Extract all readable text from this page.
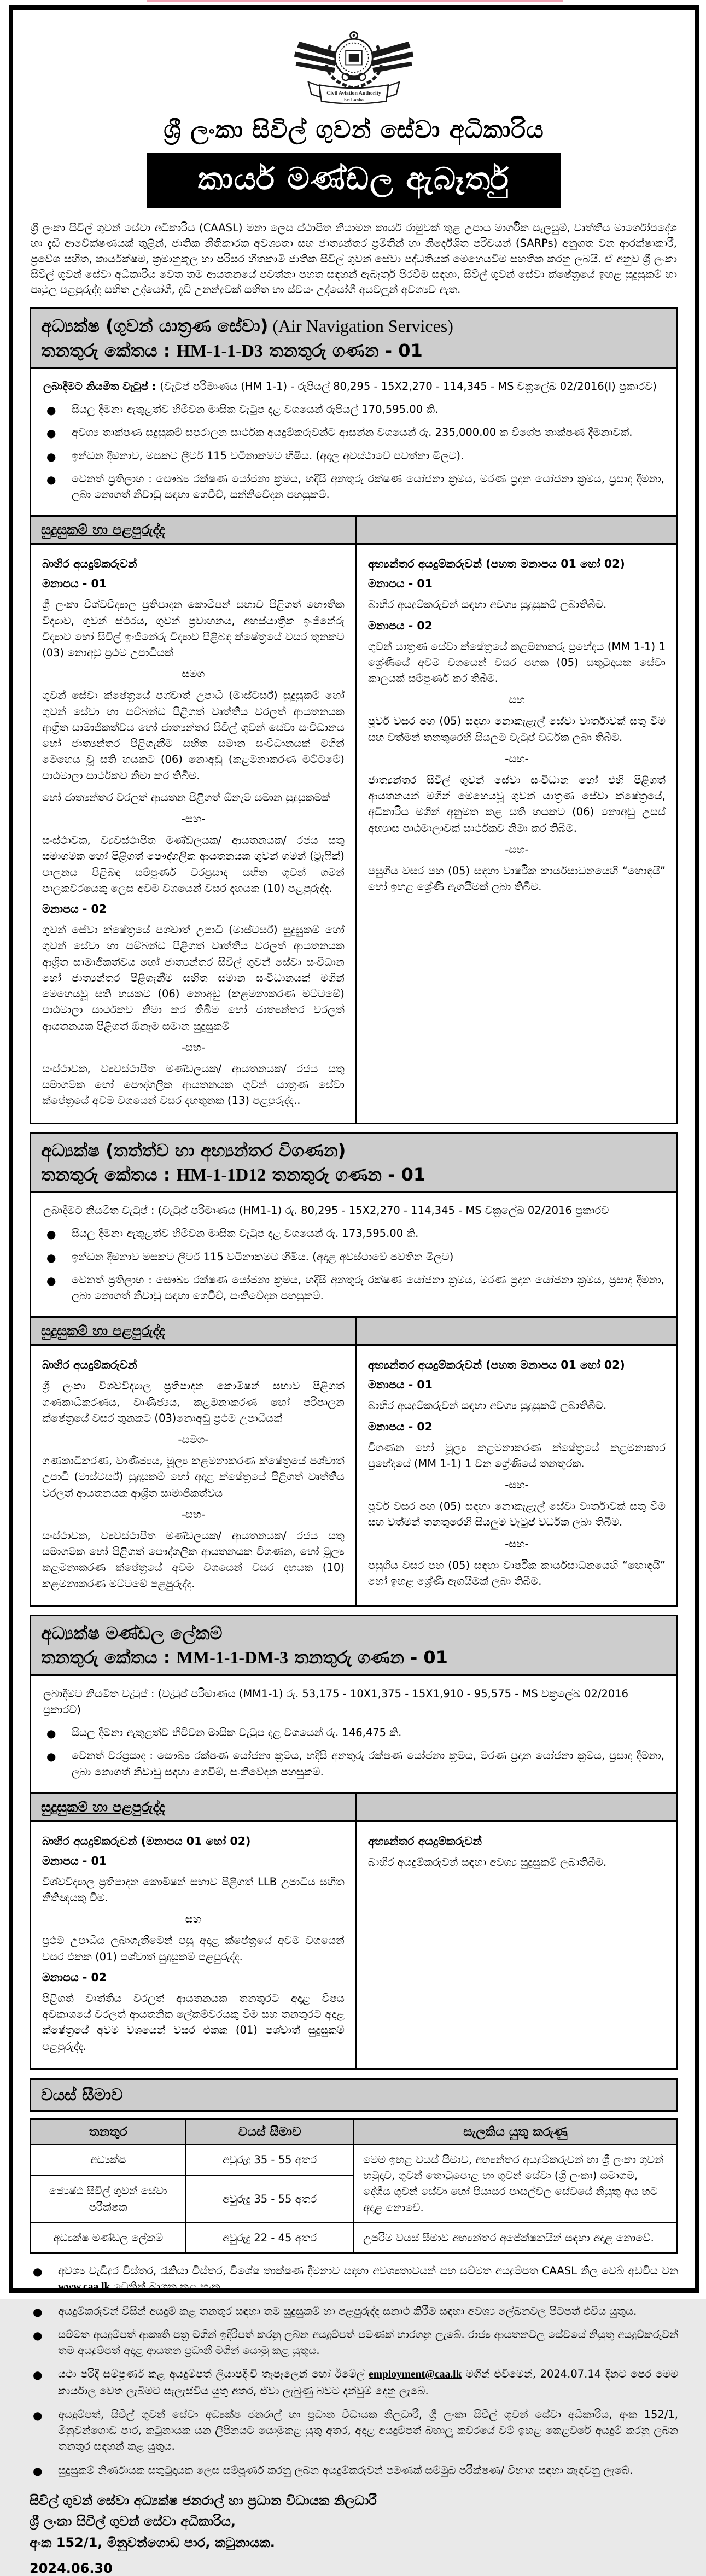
Civil Aviation Authority
Sri Lanka
ශ්‍රී ලංකා සිවිල් ගුවන් සේවා අධිකාරිය
කාර්ය මණ්ඩල ඇබෑර්තු

ශ්‍රී ලංකා සිවිල් ගුවන් සේවා අධිකාරිය (CAASL) මනා ලෙස ස්ථාපිත නියාමන කාර්ය රාමුවක් තුළ උපාය මාර්ගික සැලසුම්, වෘත්තීය මාර්ගෝපදේශ හා දැඩි ආවේක්ෂණයක් තුළින්, ජාතික නීතිකාරක අවශ්‍යතා සහ ජාත්‍යන්තර ප්‍රමිතීන් හා නිර්දේශිත පරිචයන් (SARPs) අනුගත වන ආරක්ෂාකාරී, ප්‍රවේශ සහිත, කාර්යක්ෂම, ක්‍රමානුකූල හා පරිසර හිතකාමී ජාතික සිවිල් ගුවන් සේවා පද්ධතියක් මෙහෙයවීම සහතික කරනු ලබයි. ඒ අනුව ශ්‍රී ලංකා සිවිල් ගුවන් සේවා අධිකාරිය වෙත තම ආයතනයේ පවත්නා පහත සඳහන් ඇබෑර්තු පිරවීම සඳහා, සිවිල් ගුවන් සේවා ක්ෂේත්‍රයේ ඉහළ සුදුසුකම් හා පෘථුල පළපුරුද්ද සහිත උද්යෝගී, දැඩි උනන්දුවක් සහිත හා ස්වයං උද්යෝගී අයවලුන් අවශ්‍යව ඇත.

අධ්‍යක්ෂ (ගුවන් යාත්‍රණ සේවා) (Air Navigation Services)
තනතුරු කේතය : HM-1-1-D3 තනතුරු ගණන - 01
ලබාදීමට නියමිත වැටුප් : (වැටුප් පරිමාණය (HM 1-1) - රුපියල් 80,295 - 15X2,270 - 114,345 - MS චක්‍රලේඛ 02/2016(I) ප්‍රකාරව)
● සියලු දීමනා ඇතුළත්ව හිමිවන මාසික වැටුප දළ වශයෙන් රුපියල් 170,595.00 කි.
● අවශ්‍ය තාක්ෂණ සුදුසුකම් සපුරාලන සාර්ථක අයදුම්කරුවන්ට ආසන්න වශයෙන් රු. 235,000.00 ක විශේෂ තාක්ෂණ දීමනාවක්.
● ඉන්ධන දීමනාව, මසකට ලීටර් 115 වටිනාකමට හිමිය. (අදාල අවස්ථාවේ පවත්නා මිලට).
● වෙනත් ප්‍රතිලාභ : සෞඛ්‍ය රක්ෂණ යෝජනා ක්‍රමය, හදිසි අනතුරු රක්ෂණ යෝජනා ක්‍රමය, මරණ ප්‍රදාන යෝජනා ක්‍රමය, ප්‍රසාද දීමනා, ලබා නොගත් නිවාඩු සඳහා ගෙවීම්, සන්නිවේදන පහසුකම්.
සුදුසුකම් හා පළපුරුද්ද
බාහිර අයදුම්කරුවන්
මනාපය - 01
ශ්‍රී ලංකා විශ්වවිද්‍යාල ප්‍රතිපාදන කොමිෂන් සභාව පිළිගත් භෞතික විද්‍යාව, ගුවන් ස්ථරය, ගුවන් ප්‍රවාහනය, අහස්යාත්‍රික ඉංජිනේරු විද්‍යාව හෝ සිවිල් ඉංජිනේරු විද්‍යාව පිළිබඳ ක්ෂේත්‍රයේ වසර තුනකට (03) නොඅඩු ප්‍රථම උපාධියක්
සමග
ගුවන් සේවා ක්ෂේත්‍රයේ පශ්චාත් උපාධි (මාස්ටර්ස්) සුදුසුකම් හෝ ගුවන් සේවා හා සම්බන්ධ පිළිගත් වෘත්තීය වරලත් ආයතනයක ආශ්‍රිත සාමාජිකත්වය හෝ ජාත්‍යන්තර සිවිල් ගුවන් සේවා සංවිධානය හෝ ජාත්‍යන්තර පිළිගැනීම සහිත සමාන සංවිධානයක් මගින් මෙහෙය වූ සති හයකට (06) නොඅඩු (කළමනාකරණ මට්ටමේ) පාඨමාලා සාර්ථකව නිමා කර තිබීම.
හෝ ජාත්‍යන්තර වරලත් ආයතන පිළිගත් ඕනෑම සමාන සුදුසුකමක්
-සහ-
සංස්ථාවක, ව්‍යවස්ථාපිත මණ්ඩලයක/ ආයතනයක/ රජය සතු සමාගමක හෝ පිළිගත් පෞද්ගලික ආයතනයක ගුවන් ගමන් (ට්‍රැෆික්) පාලනය පිළිබඳ සම්පූර්ණ වරප්‍රසාද සහිත ගුවන් ගමන් පාලකවරයෙකු ලෙස අවම වශයෙන් වසර දහයක (10) පළපුරුද්ද.
මනාපය - 02
ගුවන් සේවා ක්ෂේත්‍රයේ පශ්චාත් උපාධි (මාස්ටර්ස්) සුදුසුකම් හෝ ගුවන් සේවා හා සම්බන්ධ පිළිගත් වෘත්තීය වරලත් ආයතනයක ආශ්‍රිත සාමාජිකත්වය හෝ ජාත්‍යන්තර සිවිල් ගුවන් සේවා සංවිධාන හෝ ජාත්‍යන්තර පිළිගැනීම සහිත සමාන සංවිධානයක් මගින් මෙහෙයවූ සති හයකට (06) නොඅඩු (කළමනාකරණ මට්ටමේ) පාඨමාලා සාර්ථකව නිමා කර තිබීම හෝ ජාත්‍යන්තර වරලත් ආයතනයක පිළිගත් ඕනෑම සමාන සුදුසුකම්
-සහ-
සංස්ථාවක, ව්‍යවස්ථාපිත මණ්ඩලයක/ ආයතනයක/ රජය සතු සමාගමක හෝ පෞද්ගලික ආයතනයක ගුවන් යාත්‍රණ සේවා ක්ෂේත්‍රයේ අවම වශයෙන් වසර දහතුනක (13) පළපුරුද්ද..
අභ්‍යන්තර අයදුම්කරුවන් (පහත මනාපය 01 හෝ 02)
මනාපය - 01
බාහිර අයදුම්කරුවන් සඳහා අවශ්‍ය සුදුසුකම් ලබාතිබීම.
මනාපය - 02
ගුවන් යාත්‍රණ සේවා ක්ෂේත්‍රයේ කළමනාකරු ප්‍රභේදය (MM 1-1) 1 ශ්‍රේණියේ අවම වශයෙන් වසර පහක (05) සතුටුදායක සේවා කාලයක් සම්පූර්ණ කර තිබීම.
සහ
පූර්ව වසර පහ (05) සඳහා නොකැළැල් සේවා වාර්තාවක් සතු වීම සහ වත්මන් තනතුරෙහි සියලුම වැටුප් වර්ධක ලබා තිබීම.
-සහ-
ජාත්‍යන්තර සිවිල් ගුවන් සේවා සංවිධාන හෝ එහි පිළිගත් ආයතනයන් මගින් මෙහෙයවූ ගුවන් යාත්‍රණ සේවා ක්ෂේත්‍රයේ, අධිකාරිය මගින් අනුමත කළ සති හයකට (06) නොඅඩු උසස් අභ්‍යාස පාඨමාලාවක් සාර්ථකව නිමා කර තිබීම.
-සහ-
පසුගිය වසර පහ (05) සඳහා වාර්ෂික කාර්යසාධනයෙහි “හොඳයි” හෝ ඉහළ ශ්‍රේණි ඇගයීමක් ලබා තිබීම.
අධ්‍යක්ෂ (තත්ත්ව හා අභ්‍යන්තර විගණන)
තනතුරු කේතය : HM-1-1D12 තනතුරු ගණන - 01
ලබාදීමට නියමිත වැටුප් : (වැටුප් පරිමාණය (HM1-1) රු. 80,295 - 15X2,270 - 114,345 - MS චක්‍රලේඛ 02/2016 ප්‍රකාරව
● සියලු දීමනා ඇතුළත්ව හිමිවන මාසික වැටුප දළ වශයෙන් රු. 173,595.00 කි.
● ඉන්ධන දීමනාව මසකට ලීටර් 115 වටිනාකමට හිමිය. (අදාළ අවස්ථාවේ පවතින මිලට)
● වෙනත් ප්‍රතිලාභ : සෞඛ්‍ය රක්ෂණ යෝජනා ක්‍රමය, හදිසි අනතුරු රක්ෂණ යෝජනා ක්‍රමය, මරණ ප්‍රදාන යෝජනා ක්‍රමය, ප්‍රසාද දීමනා, ලබා නොගත් නිවාඩු සඳහා ගෙවීම්, සංනිවේදන පහසුකම්.
සුදුසුකම් හා පළපුරුද්ද
බාහිර අයදුම්කරුවන්
ශ්‍රී ලංකා විශ්වවිද්‍යාල ප්‍රතිපාදන කොමිෂන් සභාව පිළිගත් ගණකාධිකරණය, වාණිජ්‍යය, කළමනාකරණ හෝ පරිපාලන ක්ෂේත්‍රයේ වසර තුනකට (03)නොඅඩු ප්‍රථම උපාධියක්
-සමග-
ගණකාධිකරණ, වාණිජ්‍යය, මූල්‍ය කළමනාකරණ ක්ෂේත්‍රයේ පශ්චාත් උපාධි (මාස්ටර්ස්) සුදුසුකම් හෝ අදාළ ක්ෂේත්‍රයේ පිළිගත් වෘත්තීය වරලත් ආයතනයක ආශ්‍රිත සාමාජිකත්වය
-සහ-
සංස්ථාවක, ව්‍යවස්ථාපිත මණ්ඩලයක/ ආයතනයක/ රජය සතු සමාගමක හෝ පිළිගත් පෞද්ගලික ආයතනයක විගණන, හෝ මූල්‍ය කළමනාකරණ ක්ෂේත්‍රයේ අවම වශයෙන් වසර දහයක (10) කළමනාකරණ මට්ටමේ පළපුරුද්ද.
අභ්‍යන්තර අයදුම්කරුවන් (පහත මනාපය 01 හෝ 02)
මනාපය - 01
බාහිර අයදුම්කරුවන් සඳහා අවශ්‍ය සුදුසුකම් ලබාතිබීම.
මනාපය - 02
විගණන හෝ මූල්‍ය කළමනාකරණ ක්ෂේත්‍රයේ කළමනාකාර ප්‍රභේදයේ (MM 1-1) 1 වන ශ්‍රේණියේ තනතුරක.
-සහ-
පූර්ව වසර පහ (05) සඳහා නොකැළැල් සේවා වාර්තාවක් සතු වීම සහ වත්මන් තනතුරෙහි සියලුම වැටුප් වර්ධක ලබා තිබීම.
-සහ-
පසුගිය වසර පහ (05) සඳහා වාර්ෂික කාර්යසාධනයෙහි “හොඳයි” හෝ ඉහළ ශ්‍රේණි ඇගයීමක් ලබා තිබීම.
අධ්‍යක්ෂ මණ්ඩල ලේකම්
තනතුරු කේතය : MM-1-1-DM-3 තනතුරු ගණන - 01
ලබාදීමට නියමිත වැටුප් : (වැටුප් පරිමාණය (MM1-1) රු. 53,175 - 10X1,375 - 15X1,910 - 95,575 - MS චක්‍රලේඛ 02/2016 ප්‍රකාරව)
● සියලු දීමනා ඇතුළත්ව හිමිවන මාසික වැටුප දළ වශයෙන් රු. 146,475 කි.
● වෙනත් වරප්‍රසාද : සෞඛ්‍ය රක්ෂණ යෝජනා ක්‍රමය, හදිසි අනතුරු රක්ෂණ යෝජනා ක්‍රමය, මරණ ප්‍රදාන යෝජනා ක්‍රමය, ප්‍රසාද දීමනා, ලබා නොගත් නිවාඩු සඳහා ගෙවීම්, සංනිවේදන පහසුකම්.
සුදුසුකම් හා පළපුරුද්ද
බාහිර අයදුම්කරුවන් (මනාපය 01 හෝ 02)
මනාපය - 01
විශ්වවිද්‍යාල ප්‍රතිපාදන කොමිෂන් සභාව පිළිගත් LLB උපාධිය සහිත නීතිඥයකු වීම.
සහ
ප්‍රථම උපාධිය ලබාගැනීමෙන් පසු අදාළ ක්ෂේත්‍රයේ අවම වශයෙන් වසර එකක (01) පශ්චාත් සුදුසුකම් පළපුරුද්ද.
මනාපය - 02
පිළිගත් වෘත්තීය වරලත් ආයතනයක තනතුරට අදාළ විෂය අවකාශයේ වරලත් ආයතනික ලේකම්වරයකු වීම සහ තනතුරට අදාළ ක්ෂේත්‍රයේ අවම වශයෙන් වසර එකක (01) පශ්චාත් සුදුසුකම් පළපුරුද්ද.
අභ්‍යන්තර අයදුම්කරුවන්
බාහිර අයදුම්කරුවන් සඳහා අවශ්‍ය සුදුසුකම් ලබාතිබීම.
වයස් සීමාව
තනතුර	වයස් සීමාව	සැලකිය යුතු කරුණු
අධ්‍යක්ෂ	අවුරුදු 35 - 55 අතර	මෙම ඉහළ වයස් සීමාව, අභ්‍යන්තර අයදුම්කරුවන් හා ශ්‍රී ලංකා ගුවන් හමුදාව, ගුවන් තොටුපොළ හා ගුවන් සේවා (ශ්‍රී ලංකා) සමාගම, දේශීය ගුවන් සේවා හෝ පියාසර පාසල්වල සේවයේ නියුතු අය හට අදාළ නොවේ.
ජ්‍යෙෂ්ඨ සිවිල් ගුවන් සේවා පරීක්ෂක	අවුරුදු 35 - 55 අතර	
අධ්‍යක්ෂ මණ්ඩල ලේකම්	අවුරුදු 22 - 45 අතර	උපරිම වයස් සීමාව අභ්‍යන්තර අපේක්ෂකයින් සඳහා අදාළ නොවේ.
● අවශ්‍ය වැඩිදුර විස්තර, රැකියා විස්තර, විශේෂ තාක්ෂණ දීමනාව සඳහා අවශ්‍යතාවයන් සහ සම්මත අයදුම්පත CAASL නිල වෙබ් අඩවිය වන www.caa.lk වෙතින් බාගත කළ හැක.
● අයදුම්කරුවන් විසින් අයදුම් කළ තනතුර සඳහා තම සුදුසුකම් හා පළපුරුද්ද සනාථ කිරීම සඳහා අවශ්‍ය ලේඛනවල පිටපත් එවිය යුතුය.
● සම්මත අයදුම්පත් ආකෘති පත්‍ර මගින් ඉදිරිපත් කරනු ලබන අයදුම්පත් පමණක් භාරගනු ලැබේ. රාජ්‍ය ආයතනවල සේවයේ නියුතු අයදුම්කරුවන් තම අයදුම්පත් අදාළ ආයතන ප්‍රධානී මගින් යොමු කළ යුතුය.
● යථා පරිදි සම්පූර්ණ කළ අයදුම්පත් ලියාපදිංචි තැපෑලෙන් හෝ ඊමේල් employment@caa.lk මගින් එවීමෙන්, 2024.07.14 දිනට පෙර මෙම කාර්යාල වෙත ලැබීමට සැලැස්විය යුතු අතර, ඒවා ලැබුණු බවට දන්වුම් දෙනු ලැබේ.
● අයදුම්පත්, සිවිල් ගුවන් සේවා අධ්‍යක්ෂ ජනරාල් හා ප්‍රධාන විධායක නිලධාරී, ශ්‍රී ලංකා සිවිල් ගුවන් සේවා අධිකාරිය, අංක 152/1, මිනුවන්ගොඩ පාර, කටුනායක යන ලිපිනයට යොමුකළ යුතු අතර, අදාළ අයදුම්පත් බහාලූ කවරයේ වම් ඉහළ කෙළවරේ අයදුම් කරනු ලබන තනතුර සඳහන් කළ යුතුය.
● සුදුසුකම් නිර්ණායක සතුටුදායක ලෙස සම්පූර්ණ කරනු ලබන අයදුම්කරුවන් පමණක් සම්මුඛ පරීක්ෂණ/ විභාග සඳහා කැඳවනු ලැබේ.
සිවිල් ගුවන් සේවා අධ්‍යක්ෂ ජනරාල් හා ප්‍රධාන විධායක නිලධාරී
ශ්‍රී ලංකා සිවිල් ගුවන් සේවා අධිකාරිය,
අංක 152/1, මිනුවන්ගොඩ පාර, කටුනායක.
2024.06.30
